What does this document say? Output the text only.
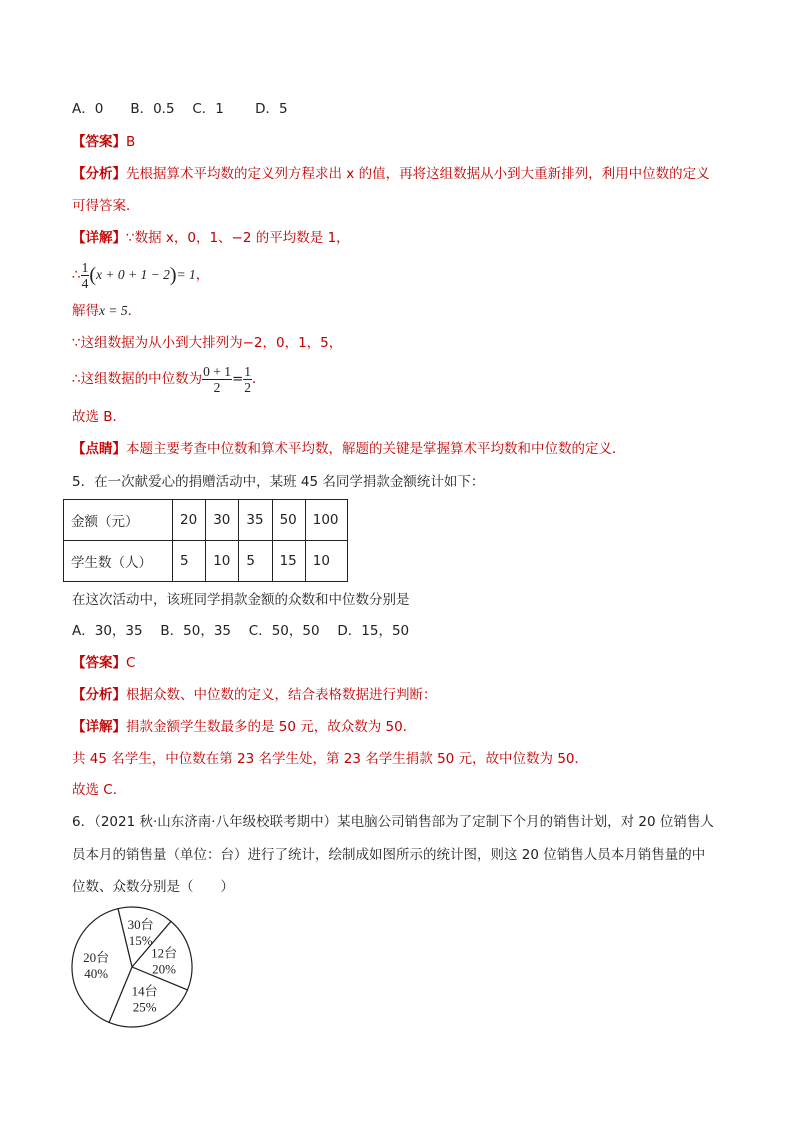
A．0　　B．0.5　 C．1　　 D．5
【答案】B
【分析】先根据算术平均数的定义列方程求出 x 的值，再将这组数据从小到大重新排列，利用中位数的定义
可得答案．
【详解】∵数据 x，0，1、−2 的平均数是 1，
∴ $\frac{1}{4} (x + 0 + 1 - 2)= 1$，
解得x = 5．
∵这组数据为从小到大排列为−2，0，1，5，
∴这组数据的中位数为 $\frac{0 + 1}{2} = \frac{1}{2}$ ．
故选 B．
【点睛】本题主要考查中位数和算术平均数，解题的关键是掌握算术平均数和中位数的定义．
5．在一次献爱心的捐赠活动中，某班 45 名同学捐款金额统计如下：
金额（元）	20	30	35	50	100
学生数（人）	5	10	5	15	10
在这次活动中，该班同学捐款金额的众数和中位数分别是
A．30，35　 B．50，35　 C．50，50　 D．15，50
【答案】C
【分析】根据众数、中位数的定义，结合表格数据进行判断：
【详解】捐款金额学生数最多的是 50 元，故众数为 50．
共 45 名学生，中位数在第 23 名学生处，第 23 名学生捐款 50 元，故中位数为 50．
故选 C．
6．（2021 秋·山东济南·八年级校联考期中）某电脑公司销售部为了定制下个月的销售计划，对 20 位销售人
员本月的销售量（单位：台）进行了统计，绘制成如图所示的统计图，则这 20 位销售人员本月销售量的中
位数、众数分别是（　　）
30台
15%
12台
20%
14台
25%
20台
40%
